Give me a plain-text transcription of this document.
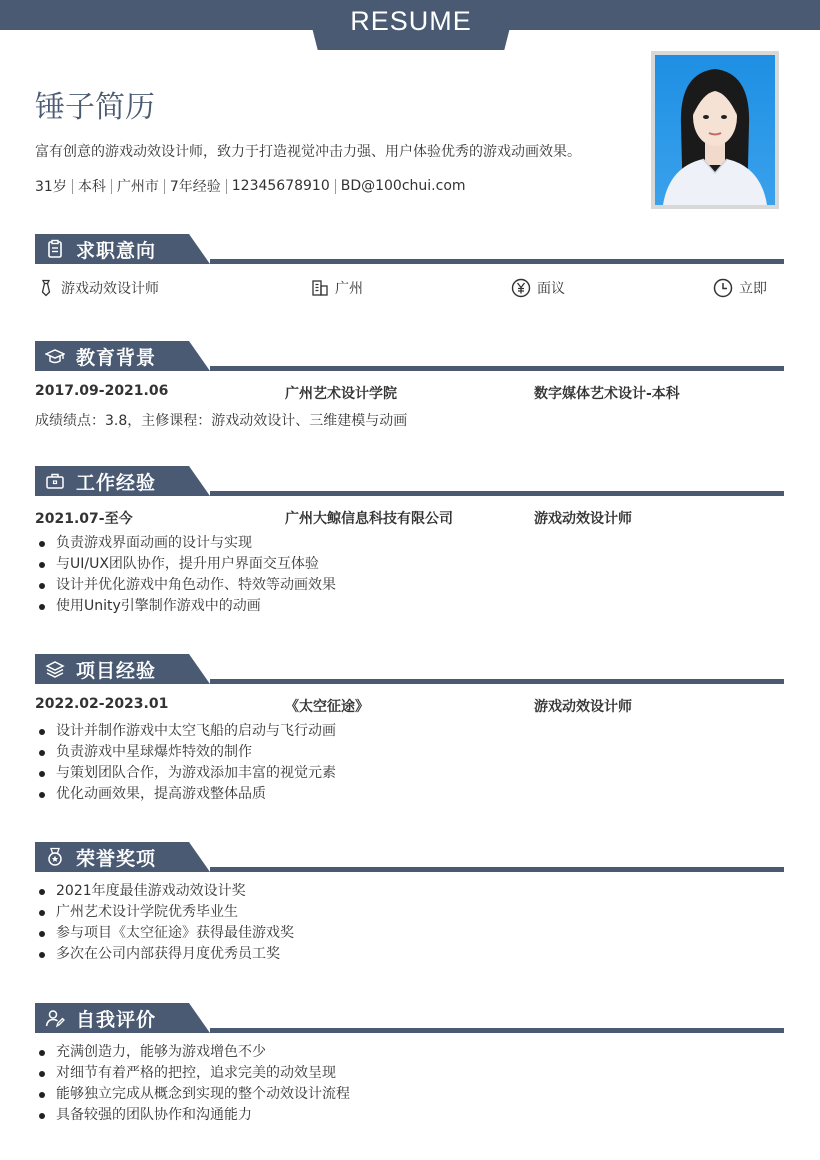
RESUME
锤子简历
富有创意的游戏动效设计师，致力于打造视觉冲击力强、用户体验优秀的游戏动画效果。
31岁 本科 广州市 7年经验 12345678910 BD@100chui.com
求职意向
游戏动效设计师	广州	面议	立即
教育背景
2017.09-2021.06	广州艺术设计学院	数字媒体艺术设计-本科
成绩绩点：3.8，主修课程：游戏动效设计、三维建模与动画
工作经验
2021.07-至今	广州大鲸信息科技有限公司	游戏动效设计师
负责游戏界面动画的设计与实现
与UI/UX团队协作，提升用户界面交互体验
设计并优化游戏中角色动作、特效等动画效果
使用Unity引擎制作游戏中的动画
项目经验
2022.02-2023.01	《太空征途》	游戏动效设计师
设计并制作游戏中太空飞船的启动与飞行动画
负责游戏中星球爆炸特效的制作
与策划团队合作，为游戏添加丰富的视觉元素
优化动画效果，提高游戏整体品质
荣誉奖项
2021年度最佳游戏动效设计奖
广州艺术设计学院优秀毕业生
参与项目《太空征途》获得最佳游戏奖
多次在公司内部获得月度优秀员工奖
自我评价
充满创造力，能够为游戏增色不少
对细节有着严格的把控，追求完美的动效呈现
能够独立完成从概念到实现的整个动效设计流程
具备较强的团队协作和沟通能力
